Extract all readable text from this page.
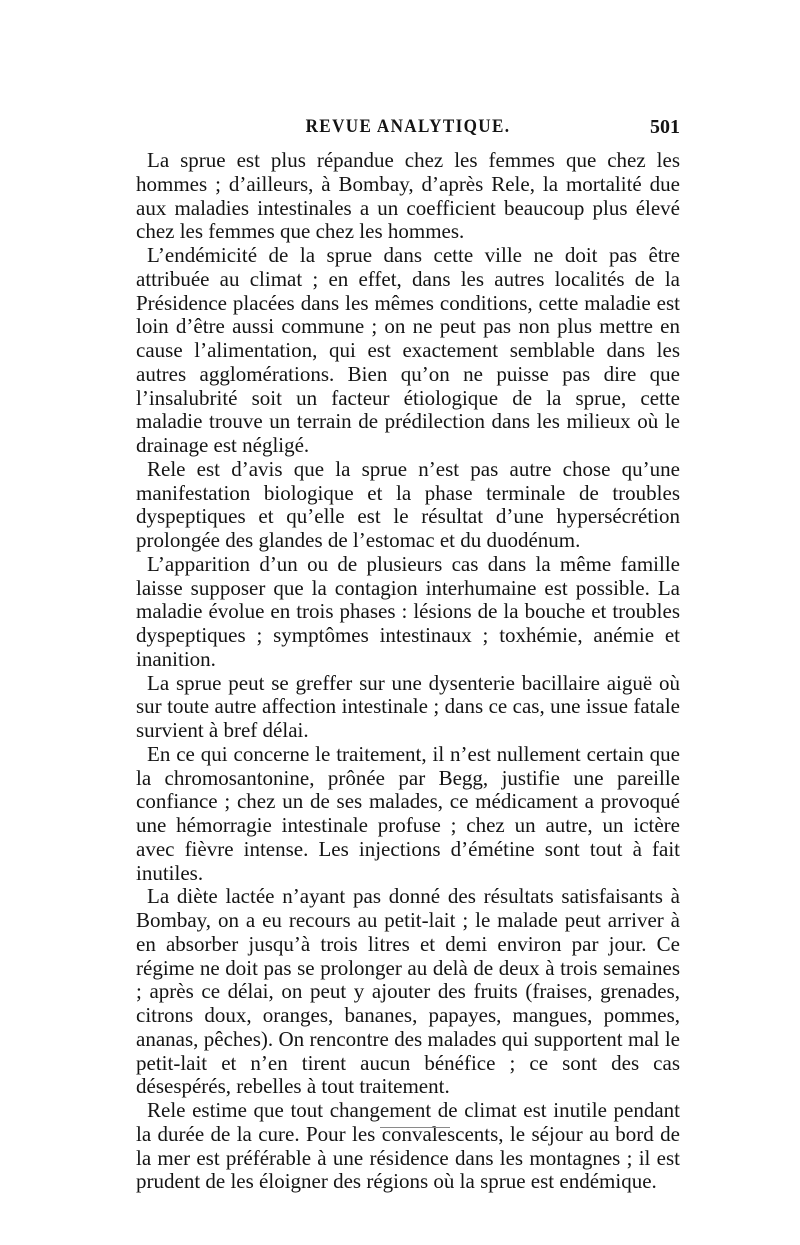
REVUE ANALYTIQUE.	501

La sprue est plus répandue chez les femmes que chez les hommes ; d’ailleurs, à Bombay, d’après Rele, la mortalité due aux maladies intestinales a un coefficient beaucoup plus élevé chez les femmes que chez les hommes.

L’endémicité de la sprue dans cette ville ne doit pas être attribuée au climat ; en effet, dans les autres localités de la Présidence placées dans les mêmes conditions, cette maladie est loin d’être aussi commune ; on ne peut pas non plus mettre en cause l’alimentation, qui est exactement semblable dans les autres agglomérations. Bien qu’on ne puisse pas dire que l’insalubrité soit un facteur étiologique de la sprue, cette maladie trouve un terrain de prédilection dans les milieux où le drainage est négligé.

Rele est d’avis que la sprue n’est pas autre chose qu’une manifestation biologique et la phase terminale de troubles dyspeptiques et qu’elle est le résultat d’une hypersécrétion prolongée des glandes de l’estomac et du duodénum.

L’apparition d’un ou de plusieurs cas dans la même famille laisse supposer que la contagion interhumaine est possible. La maladie évolue en trois phases : lésions de la bouche et troubles dyspeptiques ; symptômes intestinaux ; toxhémie, anémie et inanition.

La sprue peut se greffer sur une dysenterie bacillaire aiguë où sur toute autre affection intestinale ; dans ce cas, une issue fatale survient à bref délai.

En ce qui concerne le traitement, il n’est nullement certain que la chromosantonine, prônée par Begg, justifie une pareille confiance ; chez un de ses malades, ce médicament a provoqué une hémorragie intestinale profuse ; chez un autre, un ictère avec fièvre intense. Les injections d’émétine sont tout à fait inutiles.

La diète lactée n’ayant pas donné des résultats satisfaisants à Bombay, on a eu recours au petit-lait ; le malade peut arriver à en absorber jusqu’à trois litres et demi environ par jour. Ce régime ne doit pas se prolonger au delà de deux à trois semaines ; après ce délai, on peut y ajouter des fruits (fraises, grenades, citrons doux, oranges, bananes, papayes, mangues, pommes, ananas, pêches). On rencontre des malades qui supportent mal le petit-lait et n’en tirent aucun bénéfice ; ce sont des cas désespérés, rebelles à tout traitement.

Rele estime que tout changement de climat est inutile pendant la durée de la cure. Pour les convalescents, le séjour au bord de la mer est préférable à une résidence dans les montagnes ; il est prudent de les éloigner des régions où la sprue est endémique.
